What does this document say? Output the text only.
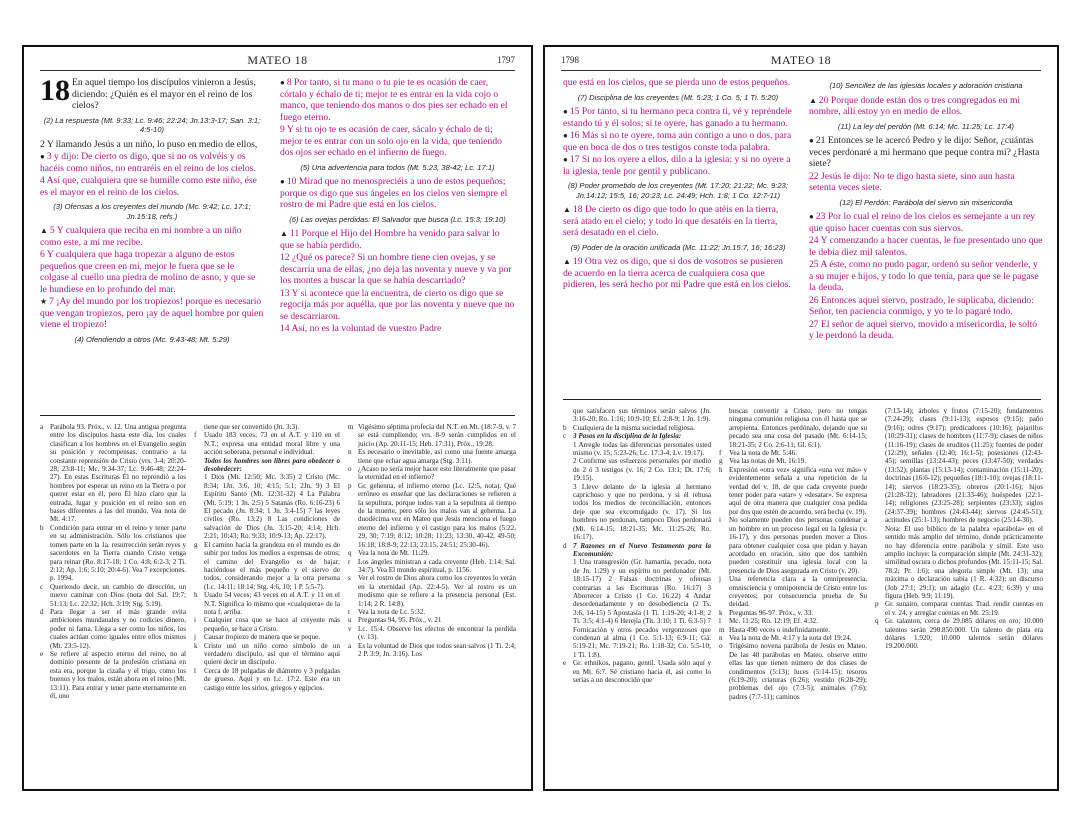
MATEO 18	1797

18 En aquel tiempo los discípulos vinieron a Jesús, diciendo: ¿Quién es el mayor en el reino de los cielos?

(2) La respuesta (Mt. 9:33; Lc. 9:46; 22:24; Jn.13:3-17; San. 3:1; 4:5-10)

2 Y llamando Jesús a un niño, lo puso en medio de ellos,

● 3 y dijo: De cierto os digo, que si no os volvéis y os hacéis como niños, no entraréis en el reino de los cielos.

4 Así que, cualquiera que se humille como este niño, ése es el mayor en el reino de los cielos.

(3) Ofensas a los creyentes del mundo (Mc. 9:42; Lc. 17:1; Jn.15:18, refs.)

▲ 5 Y cualquiera que reciba en mi nombre a un niño como este, a mí me recibe.

6 Y cualquiera que haga tropezar a alguno de estos pequeños que creen en mí, mejor le fuera que se le colgase al cuello una piedra de molino de asno, y que se le hundiese en lo profundo del mar.

★ 7 ¡Ay del mundo por los tropiezos! porque es necesario que vengan tropiezos, pero ¡ay de aquel hombre por quien viene el tropiezo!

(4) Ofendiendo a otros (Mc. 9:43-48; Mt. 5:29)

● 8 Por tanto, si tu mano o tu pie te es ocasión de caer, córtalo y échalo de ti; mejor te es entrar en la vida cojo o manco, que teniendo dos manos o dos pies ser echado en el fuego eterno.

9 Y si tu ojo te es ocasión de caer, sácalo y échalo de ti; mejor te es entrar con un solo ojo en la vida, que teniendo dos ojos ser echado en el infierno de fuego.

(5) Una advertencia para todos (Mt. 5:23, 38-42; Lc. 17:1)

● 10 Mirad que no menospreciéis a uno de estos pequeños; porque os digo que sus ángeles en los cielos ven siempre el rostro de mi Padre que está en los cielos.

(6) Las ovejas perdidas: El Salvador que busca (Lc. 15:3; 19:10)

▲ 11 Porque el Hijo del Hombre ha venido para salvar lo que se había perdido.

12 ¿Qué os parece? Si un hombre tiene cien ovejas, y se descarría una de ellas, ¿no deja las noventa y nueve y va por los montes a buscar la que se había descarriado?

13 Y si acontece que la encuentra, de cierto os digo que se regocija más por aquélla, que por las noventa y nueve que no se descarriaron.

14 Así, no es la voluntad de vuestro Padre

a Parábola 93. Próx., v. 12. Una antigua pregunta entre los discípulos hasta este día, los cuales clasifican a los hombres en el Evangelio según su posición y recompensas, contrario a la constante reprensión de Cristo (vrs. 3-4; 20:20-28; 23:8-11; Mc. 9:34-37; Lc. 9:46-48; 22:24-27). En estas Escrituras Él no reprendió a los hombres por esperar un reino en la Tierra o por querer estar en él, pero Él hizo claro que la entrada, lugar y posición en el reino son en bases diferentes a las del mundo. Vea nota de Mt. 4:17.

b Condición para entrar en el reino y tener parte en su administración. Sólo los cristianos que tomen parte en la 1a. resurrección serán reyes y sacerdotes en la Tierra cuando Cristo venga para reinar (Ro. 8:17-18; 1 Co. 4:8; 6:2-3; 2 Ti. 2:12; Ap. 1:6; 5:10; 20:4-6). Vea 7 excepciones. p. 1994.

c Queriendo decir, un cambio de dirección, un nuevo caminar con Dios (nota del Sal. 19:7; 51:13; Lc. 22:32; Hch. 3:19; Stg. 5:19).

d Para llegar a ser el más grande evita ambiciones mundanales y no codicies dinero, poder ni fama. Llega a ser como los niños, los cuales actúan como iguales entre ellos mismos (Mt. 23:5-12).

e Se refiere al aspecto eterno del reino, no al dominio presente de la profesión cristiana en esta era, porque la cizaña y el trigo, como los buenos y los malos, están ahora en el reino (Mt. 13:11). Para entrar y tener parte eternamente en él, uno

tiene que ser convertido (Jn. 3:3).

f Usado 183 veces; 73 en el A.T. y 110 en el N.T.; expresa una entidad moral libre y una acción soberana, personal e individual.

Todos los hombres son libres para obedecer o desobedecer:

1 Dios (Mt. 12:50; Mc. 3:35) 2 Cristo (Mc. 8:34; 1Jn. 3:6, 10; 4:15; 5:1; 2Jn. 9) 3 El Espíritu Santo (Mt. 12:31-32) 4 La Palabra (Mt. 5:19; 1 Jn. 2:5) 5 Satanás (Ro. 6:16-23) 6 El pecado (Jn. 8:34; 1 Jn. 3:4-15) 7 las leyes civiles (Ro. 13:2) 8 Las condiciones de salvación de Dios (Jn. 3:15-20; 4:14; Hch. 2:21; 10:43; Ro. 9:33; 10:9-13; Ap. 22:17).

g El camino hacia la grandeza en el mundo es de subir por todos los medios a expensas de otros; el camino del Evangelio es de bajar; haciéndose el más pequeño y el siervo de todos, considerando mejor a la otra persona (Lc. 14:11; 18:14; Stg. 4:6, 10; 1 P. 5:5-7).

h Usado 54 veces; 43 veces en el A.T. y 11 en el N.T. Significa lo mismo que «cualquiera» de la nota f, arriba.

i Cualquier cosa que se hace al creyente más pequeño, se hace a Cristo.

j Causar tropiezo de manera que se peque.

k Cristo usó un niño como símbolo de un verdadero discípulo, así que el término aquí quiere decir un discípulo.

l Cerca de 18 pulgadas de diámetro y 3 pulgadas de grueso. Aquí y en Lc. 17:2. Este era un castigo entre los sirios, griegos y egipcios.

m Vigésimo séptima profecía del N.T. en Mt. (18:7-9, v. 7 se está cumpliendo; vrs. 8-9 serán cumplidos en el juicio (Ap. 20:11-15; Heb. 17:31). Próx., 19:28.

n Es necesario o inevitable, así como una fuente amarga tiene que echar agua amarga (Stg. 3:11).

o ¿Acaso no sería mejor hacer esto literalmente que pasar la eternidad en el infierno?

p Gr. gehenna, el infierno eterno (Lc. 12:5, nota). Qué erróneo es enseñar que las declaraciones se refieren a la sepultura, porque todos van a la sepultura al tiempo de la muerte, pero sólo los malos van al gehenna. La duodécima vez en Mateo que Jesús menciona el fuego eterno del infierno y el castigo para los malos (5:22, 29, 30; 7:19; 8:12; 10:28; 11:23; 13:30, 40-42, 49-50; 16:18; 18:8-9; 22:13; 23:15, 24:51; 25:30-46).

q Vea la nota de Mt. 11:29.

r Los ángeles ministran a cada creyente (Heb. 1:14; Sal. 34:7). Vea El mundo espiritual, p. 1156.

s Ver el rostro de Dios ahora como los creyentes lo verán en la eternidad (Ap. 22:4-5). Ver al rostro es un modismo que se refiere a la presencia personal (Est. 1:14; 2 R. 14:8).

t Vea la nota de Lc. 5:32.

u Preguntas 94, 95. Próx., v. 21

v Lc. 15:4. Observe los efectos de encontrar la perdida (v. 13).

a Es la voluntad de Dios que todos sean salvos (1 Ti. 2:4; 2 P. 3:9; Jn. 3:16). Los

1798	MATEO 18

que está en los cielos, que se pierda uno de estos pequeños.

(7) Disciplina de los creyentes (Mt. 5:23; 1 Co. 5; 1 Ti. 5:20)

● 15 Por tanto, si tu hermano peca contra ti, vé y repréndele estando tú y él solos; si te oyere, has ganado a tu hermano.

● 16 Más si no te oyere, toma aún contigo a uno o dos, para que en boca de dos o tres testigos conste toda palabra.

● 17 Si no los oyere a ellos, dilo a la iglesia; y si no oyere a la iglesia, tenle por gentil y publicano.

(8) Poder prometido de los creyentes (Mt. 17:20; 21:22; Mc. 9:23; Jn.14:12; 15:5, 16; 20:23; Lc. 24:49; Hch. 1:8; 1 Co. 12:7-11)

▲ 18 De cierto os digo que todo lo que atéis en la tierra, será atado en el cielo; y todo lo que desatéis en la tierra, será desatado en el cielo.

(9) Poder de la oración unificada (Mc. 11:22; Jn.15:7, 16; 16:23)

▲ 19 Otra vez os digo, que si dos de vosotros se pusieren de acuerdo en la tierra acerca de cualquiera cosa que pidieren, les será hecho por mi Padre que está en los cielos.

(10) Sencillez de las iglesias locales y adoración cristiana

▲ 20 Porque donde están dos o tres congregados en mi nombre, allí estoy yo en medio de ellos.

(11) La ley del perdón (Mt. 6:14; Mc. 11:25; Lc. 17:4)

● 21 Entonces se le acercó Pedro y le dijo: Señor, ¿cuántas veces perdonaré a mi hermano que peque contra mí? ¿Hasta siete?

22 Jesús le dijo: No te digo hasta siete, sino aun hasta setenta veces siete.

(12) El Perdón: Parábola del siervo sin misericordia

● 23 Por lo cual el reino de los cielos es semejante a un rey que quiso hacer cuentas con sus siervos.

24 Y comenzando a hacer cuentas, le fue presentado uno que le debía diez mil talentos.

25 A éste, como no pudo pagar, ordenó su señor venderle, y a su mujer e hijos, y todo lo que tenía, para que se le pagase la deuda.

26 Entonces aquel siervo, postrado, le suplicaba, diciendo: Señor, ten paciencia conmigo, y yo te lo pagaré todo.

27 El señor de aquel siervo, movido a misericordia, le soltó y le perdonó la deuda.

que satisfacen sus términos serán salvos (Jn. 3:16-20; Ro. 1:16; 10:9-10; Ef. 2:8-9; 1 Jn. 1:9).

b Cualquiera de la misma sociedad religiosa.

c 3 Pasos en la disciplina de la Iglesia:

1 Arregle todas las diferencias personales usted mismo (v. 15; 5:23-26; Lc. 17:3-4; Lv. 19:17).

2 Confirme sus esfuerzos personales por medio de 2 ó 3 testigos (v. 16; 2 Co. 13:1; Dt. 17:6; 19:15).

3 Lleve delante de la iglesia al hermano caprichoso y que no perdona, y si él rehusa todos los medios de reconciliación, entonces deje que sea excomulgado (v. 17). Si los hombres no perdonan, tampoco Dios perdonará (Mt. 6:14-15; 18:21-35; Mc. 11:25-26; Ro. 16:17).

d 7 Razones en el Nuevo Testamento para la Excomunión:

1 Una transgresión (Gr. hamartia, pecado, nota de Jn. 1:29) y un espíritu no perdonador (Mt. 18:15-17) 2 Falsas doctrinas y ofensas contrarias a las Escrituras (Ro. 16:17) 3 Aborrecer a Cristo (1 Co. 16:22) 4 Andar desordenadamente y en desobediencia (2 Ts. 3:6, 14-15) 5 Apostasía (1 Ti. 1:19-20; 4:1-8; 2 Ti. 3:5; 4:1-4) 6 Herejía (Tit. 3:10; 1 Ti. 6:3-5) 7 Fornicación y otros pecados vergonzosos que condenan al alma (1 Co. 5:1-13; 6:9-11; Gá. 5:19-21; Mc. 7:19-21; Ro. 1:18-32; Co. 5:5-10; 1 Ti. 1:8).

e Gr. ethnikos, pagano, gentil. Usada sólo aquí y en Mt. 6:7. Sé cristiano hacia él, así como lo serías a un desconocido que

buscas convertir a Cristo, pero no tengas ninguna comunión religiosa con él hasta que se arrepienta. Entonces perdónalo, dejando que su pecado sea una cosa del pasado (Mt. 6:14-15; 18:21-35; 2 Co. 2:6-11; Gl. 6:1).

f Vea la nota de Mt. 5:46.

g Vea las notas de Mt. 16:19.

h Expresión «otra vez» significa «una vez más» y evidentemente señala a una repetición de la verdad del v. 18, de que cada creyente puede tener poder para «atar» y «desatar». Se expresa aquí de otra manera que cualquier cosa pedida por dos que estén de acuerdo, será hecha (v. 19).

i No solamente pueden dos personas condenar a un hombre en un proceso legal en la Iglesia (v. 16-17), y dos personas pueden mover a Dios para obtener cualquier cosa que pidan y hayan acordado en oración, sino que dos también pueden constituir una iglesia local con la presencia de Dios asegurada en Cristo (v. 20).

j Una referencia clara a la omnipresencia, omnisciencia y omnipotencia de Cristo entre los creyentes; por consecuencia prueba de Su deidad.

k Preguntas 96-97. Próx., v. 33.

l Mc. 11:25; Ro. 12:19; Ef. 4:32.

m Hasta 490 veces o indefinidamente.

n Vea la nota de Mt. 4:17 y la nota del 19:24.

o Trigésimo novena parábola de Jesús en Mateo. De las 48 parábolas en Mateo, observe entre ellas las que tienen número de dos clases de condimentos (5:13); luces (5:14-15); tesoros (6:19-20); criaturas (6:26); vestido (6:28-29); problemas del ojo (7:3-5); animales (7:6); padres (7:7-11); caminos

(7:13-14); árboles y frutos (7:15-20); fundamentos (7:24-29); clases (9:11-13); esposos (9:15); paño (9:16); odres (9:17); predicadores (10:16); pajarillos (10:29-31); clases de hombres (11:7-9); clases de niños (11:16-19); clases de eruditos (11:25); fuentes de poder (12:29); señales (12:40; 16:1-5); posesiones (12:43-45); semillas (13:24-43); peces (13:47-50); verdades (13:52); plantas (15:13-14); contaminación (15:11-20); doctrinas (16:6-12); pequeños (18:1-10); ovejas (18:11-14); siervos (18:23-35); obreros (20:1-16); hijos (21:28-32); labradores (21:33-46); huéspedes (22:1-14); religiones (23:25-28); serpientes (23:33); siglos (24:37-39); hombres (24:43-44); siervos (24:45-51); actitudes (25:1-13); hombres de negocio (25:14-30).

Nota: El uso bíblico de la palabra «parábola» en el sentido más amplio del término, donde prácticamente no hay diferencia entre parábola y símil. Este uso amplio incluye: la comparación simple (Mt. 24:31-32); similitud oscura o dichos profundos (Mt. 15:11-15; Sal. 78:2; Pr. 1:6); una alegoría simple (Mt. 13); una máxima o declaración sabia (1 R. 4:32); un discurso (Job 27:1; 29:1); un adagio (Lc. 4:23; 6:39) y una figura (Heb. 9:9; 11:19).

p Gr. sunairo, comparar cuentas. Trad. rendir cuentas en el v. 24, y arreglar cuentas en Mt. 25:19.

q Gr. talanton, cerca de 29.085 dólares en oro; 10.000 talentos serán 290.850.000. Un talento de plata era dólares 1.920; 10.000 talentos serán dólares 19.200.000.
